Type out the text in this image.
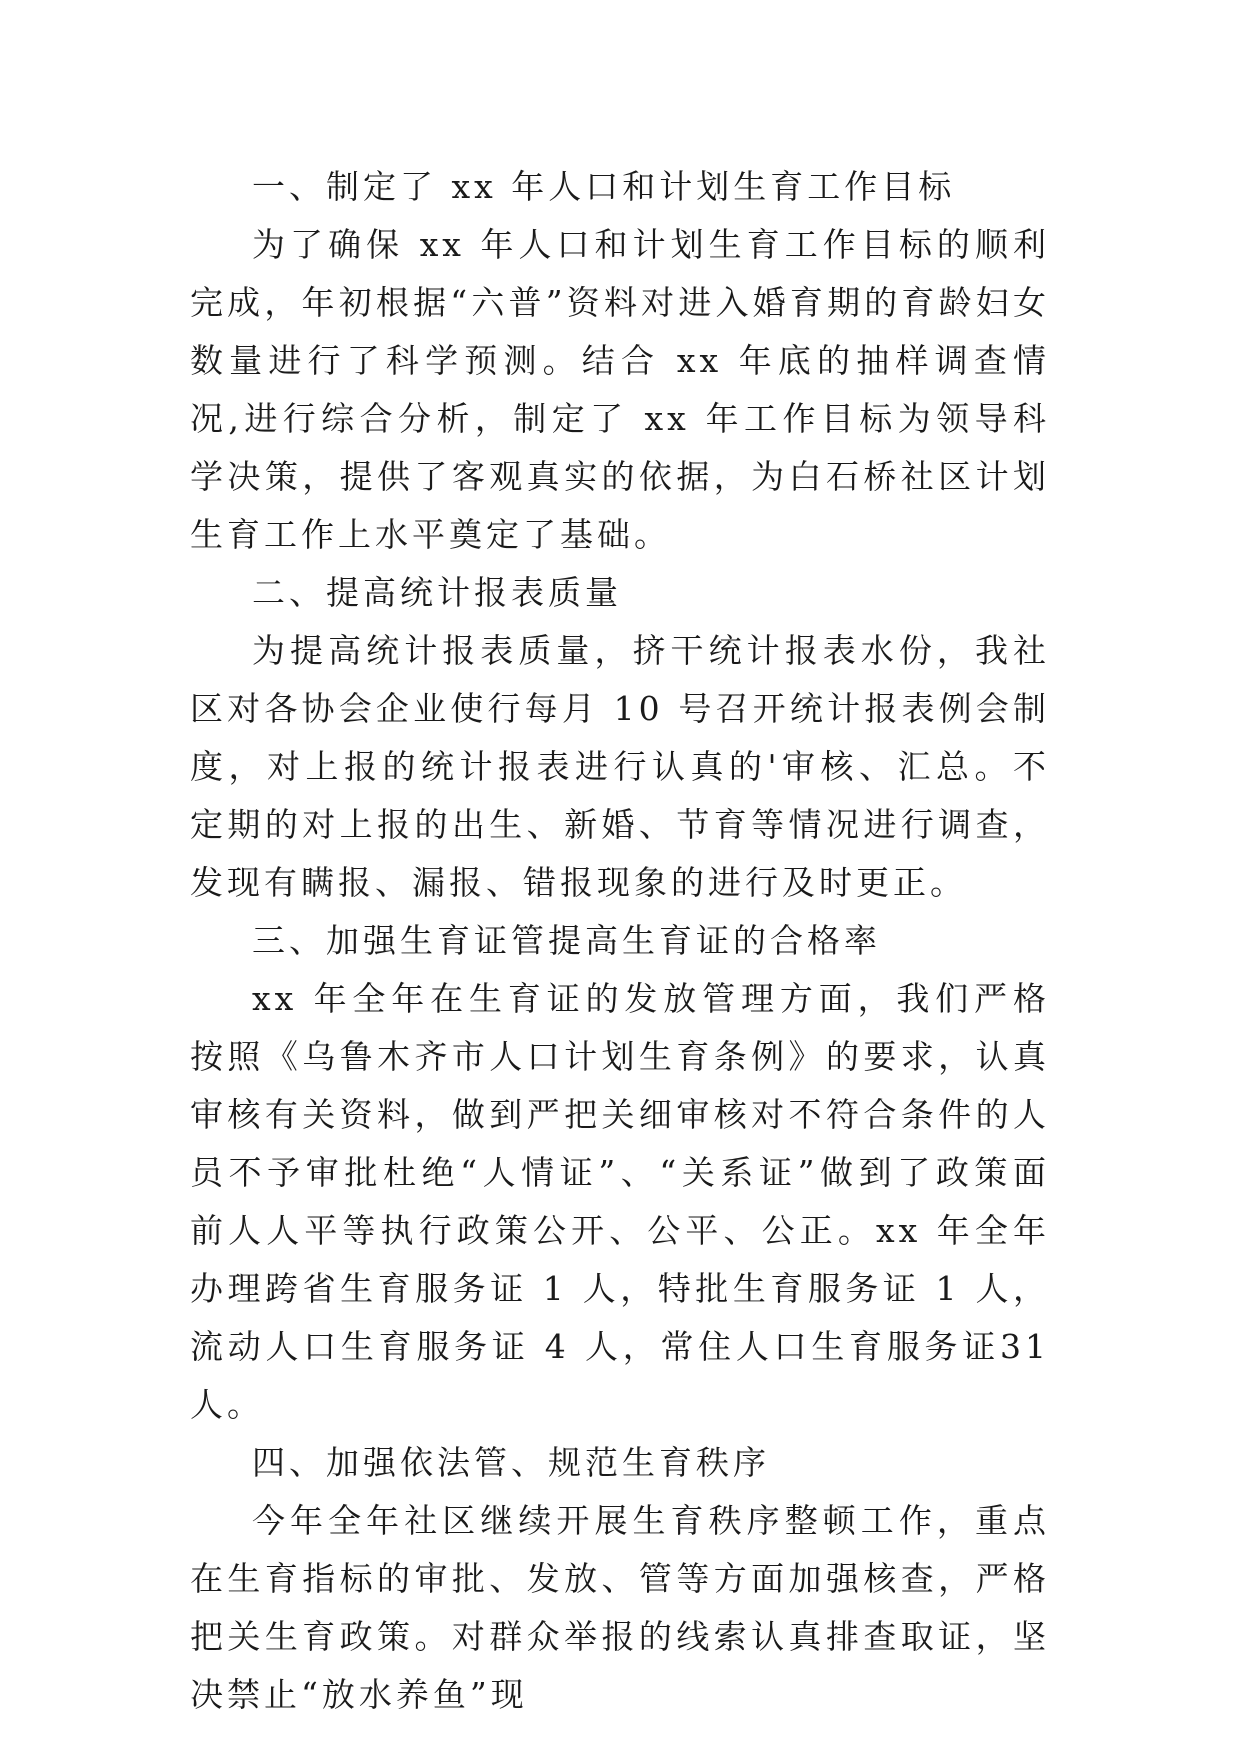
一、制定了 xx 年人口和计划生育工作目标

为了确保 xx 年人口和计划生育工作目标的顺利完成，年初根据“六普”资料对进入婚育期的育龄妇女数量进行了科学预测。结合 xx 年底的抽样调查情况,进行综合分析，制定了 xx 年工作目标为领导科学决策，提供了客观真实的依据，为白石桥社区计划生育工作上水平奠定了基础。

二、提高统计报表质量

为提高统计报表质量，挤干统计报表水份，我社区对各协会企业使行每月 10 号召开统计报表例会制度，对上报的统计报表进行认真的'审核、汇总。不定期的对上报的出生、新婚、节育等情况进行调查，发现有瞒报、漏报、错报现象的进行及时更正。

三、加强生育证管提高生育证的合格率

xx 年全年在生育证的发放管理方面，我们严格按照《乌鲁木齐市人口计划生育条例》的要求，认真审核有关资料，做到严把关细审核对不符合条件的人员不予审批杜绝“人情证”、“关系证”做到了政策面前人人平等执行政策公开、公平、公正。xx 年全年办理跨省生育服务证 1 人，特批生育服务证 1 人，流动人口生育服务证 4 人，常住人口生育服务证31 人。

四、加强依法管、规范生育秩序

今年全年社区继续开展生育秩序整顿工作，重点在生育指标的审批、发放、管等方面加强核查，严格把关生育政策。对群众举报的线索认真排查取证，坚决禁止“放水养鱼”现
